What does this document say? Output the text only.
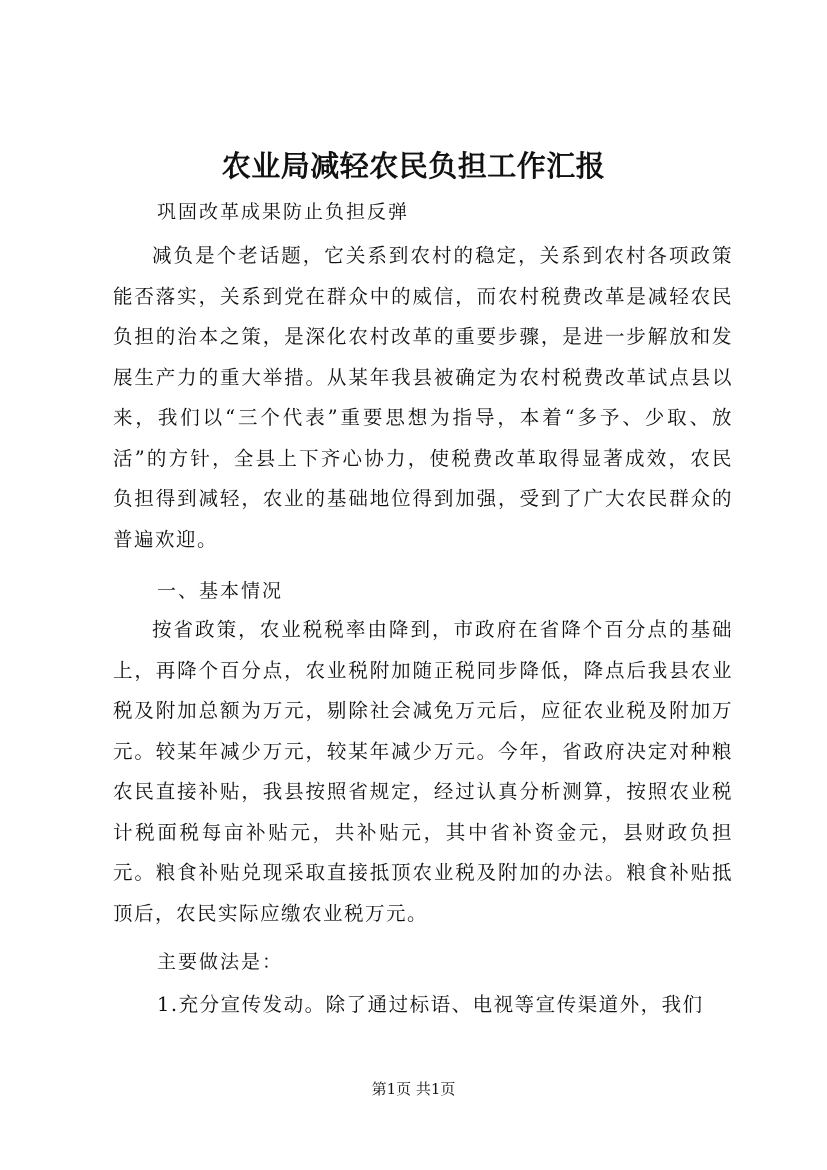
农业局减轻农民负担工作汇报
巩固改革成果防止负担反弹

减负是个老话题，它关系到农村的稳定，关系到农村各项政策能否落实，关系到党在群众中的威信，而农村税费改革是减轻农民负担的治本之策，是深化农村改革的重要步骤，是进一步解放和发展生产力的重大举措。从某年我县被确定为农村税费改革试点县以来，我们以“三个代表”重要思想为指导，本着“多予、少取、放活”的方针，全县上下齐心协力，使税费改革取得显著成效，农民负担得到减轻，农业的基础地位得到加强，受到了广大农民群众的普遍欢迎。

一、基本情况

按省政策，农业税税率由降到，市政府在省降个百分点的基础上，再降个百分点，农业税附加随正税同步降低，降点后我县农业税及附加总额为万元，剔除社会减免万元后，应征农业税及附加万元。较某年减少万元，较某年减少万元。今年，省政府决定对种粮农民直接补贴，我县按照省规定，经过认真分析测算，按照农业税计税面税每亩补贴元，共补贴元，其中省补资金元，县财政负担元。粮食补贴兑现采取直接抵顶农业税及附加的办法。粮食补贴抵顶后，农民实际应缴农业税万元。

主要做法是：
1.充分宣传发动。除了通过标语、电视等宣传渠道外，我们
第1页 共1页
